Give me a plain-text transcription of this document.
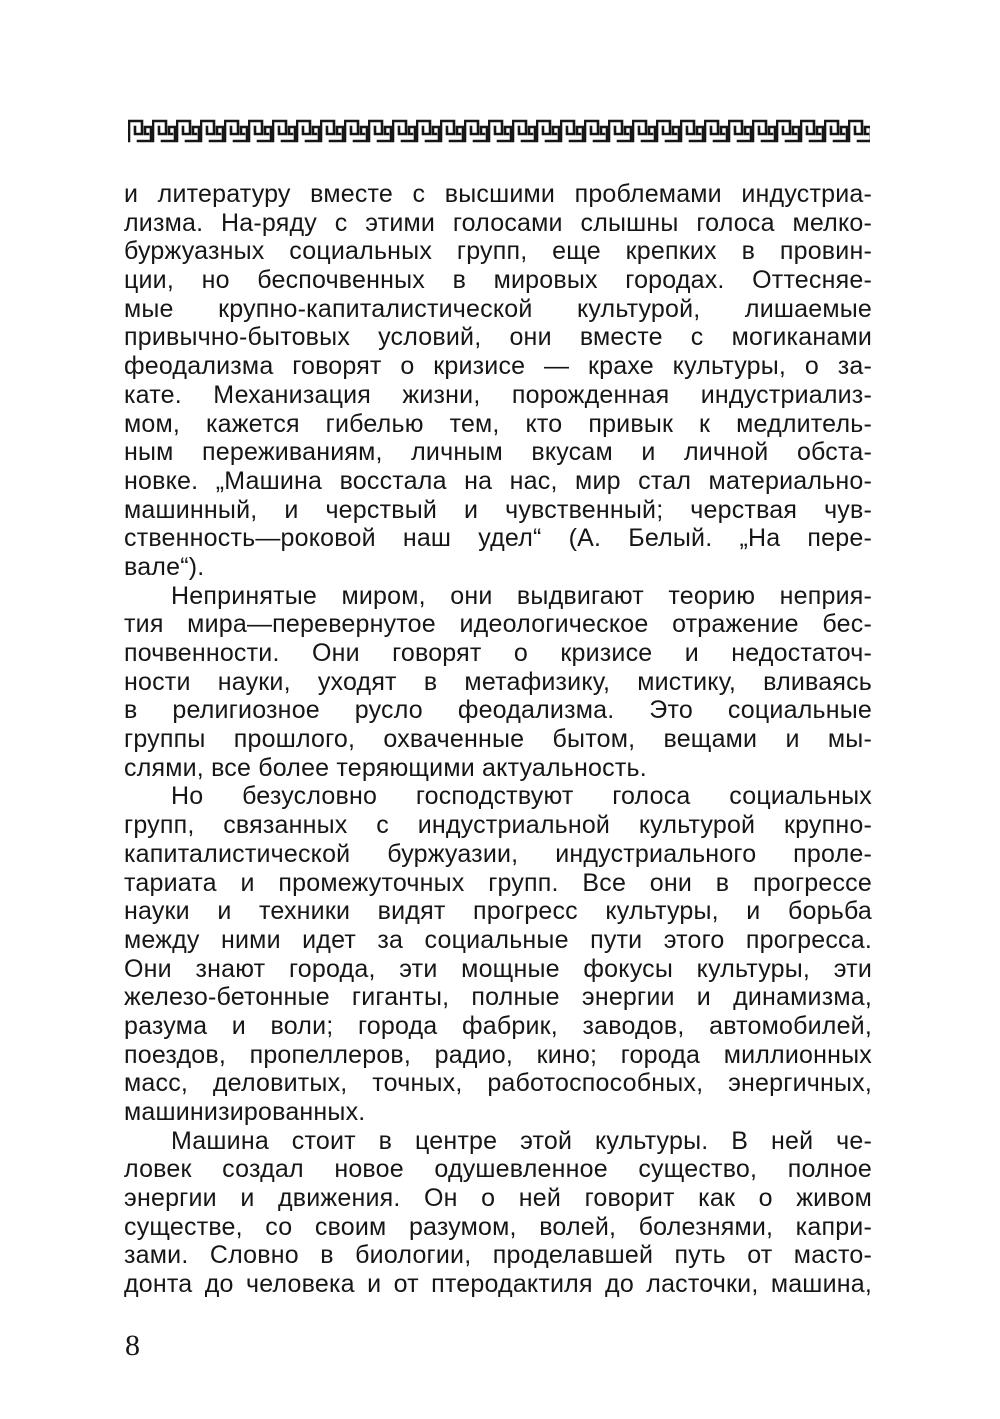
и литературу вместе с высшими проблемами индустриа-
лизма. На-ряду с этими голосами слышны голоса мелко-
буржуазных социальных групп, еще крепких в провин-
ции, но беспочвенных в мировых городах. Оттесняе-
мые крупно-капиталистической культурой, лишаемые
привычно-бытовых условий, они вместе с могиканами
феодализма говорят о кризисе — крахе культуры, о за-
кате. Механизация жизни, порожденная индустриализ-
мом, кажется гибелью тем, кто привык к медлитель-
ным переживаниям, личным вкусам и личной обста-
новке. „Машина восстала на нас, мир стал материально-
машинный, и черствый и чувственный; черствая чув-
ственность—роковой наш удел“ (А. Белый. „На пере-
вале“).
Непринятые миром, они выдвигают теорию неприя-
тия мира—перевернутое идеологическое отражение бес-
почвенности. Они говорят о кризисе и недостаточ-
ности науки, уходят в метафизику, мистику, вливаясь
в религиозное русло феодализма. Это социальные
группы прошлого, охваченные бытом, вещами и мы-
слями, все более теряющими актуальность.
Но безусловно господствуют голоса социальных
групп, связанных с индустриальной культурой крупно-
капиталистической буржуазии, индустриального проле-
тариата и промежуточных групп. Все они в прогрессе
науки и техники видят прогресс культуры, и борьба
между ними идет за социальные пути этого прогресса.
Они знают города, эти мощные фокусы культуры, эти
железо-бетонные гиганты, полные энергии и динамизма,
разума и воли; города фабрик, заводов, автомобилей,
поездов, пропеллеров, радио, кино; города миллионных
масс, деловитых, точных, работоспособных, энергичных,
машинизированных.
Машина стоит в центре этой культуры. В ней че-
ловек создал новое одушевленное существо, полное
энергии и движения. Он о ней говорит как о живом
существе, со своим разумом, волей, болезнями, капри-
зами. Словно в биологии, проделавшей путь от масто-
донта до человека и от птеродактиля до ласточки, машина,
8
